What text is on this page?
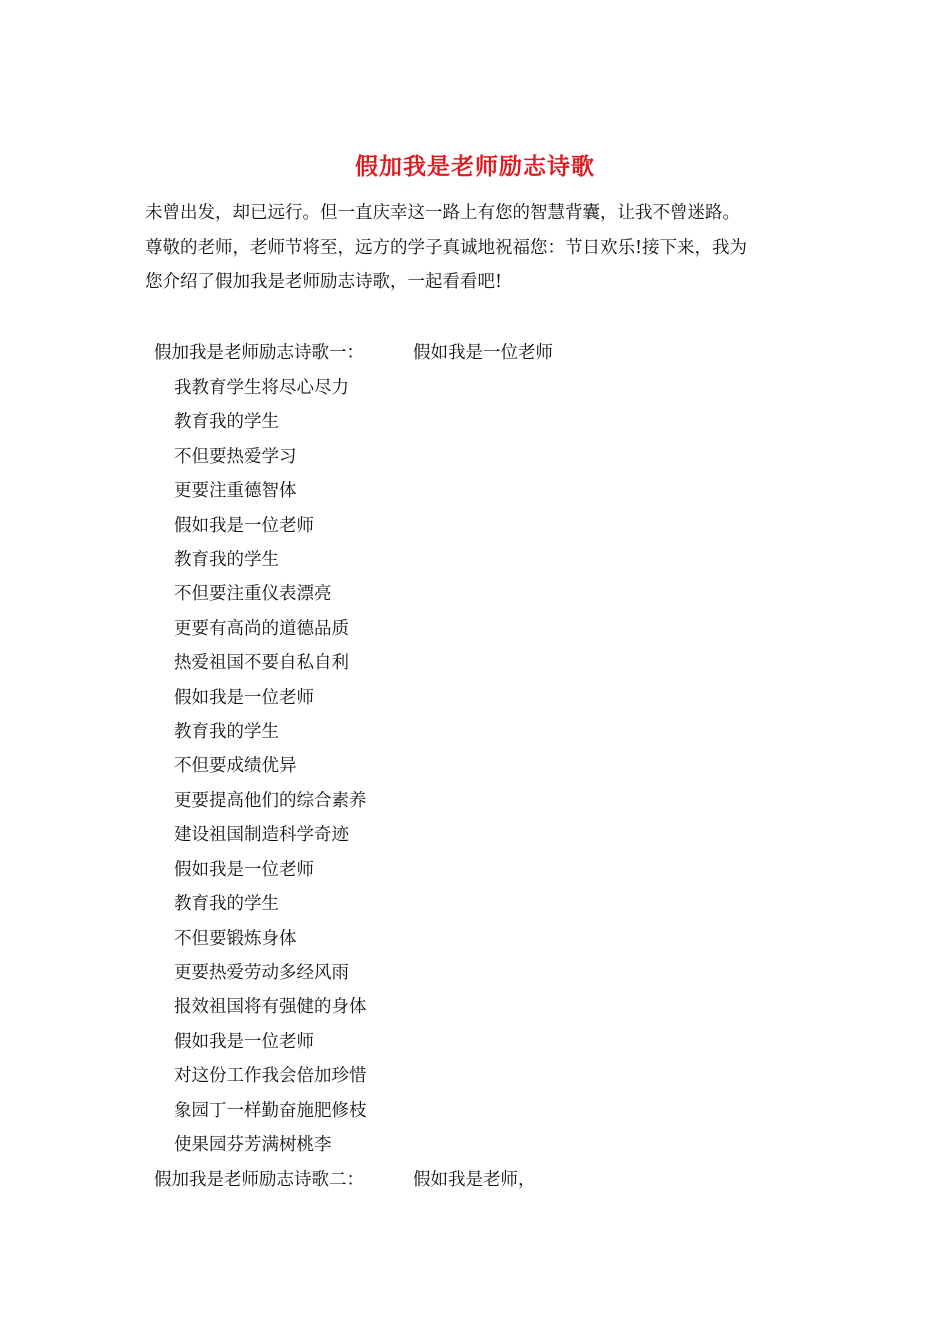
假加我是老师励志诗歌

未曾出发，却已远行。但一直庆幸这一路上有您的智慧背囊，让我不曾迷路。

尊敬的老师，老师节将至，远方的学子真诚地祝福您：节日欢乐!接下来，我为

您介绍了假加我是老师励志诗歌，一起看看吧!

假加我是老师励志诗歌一：	假如我是一位老师
我教育学生将尽心尽力
教育我的学生
不但要热爱学习
更要注重德智体
假如我是一位老师
教育我的学生
不但要注重仪表漂亮
更要有高尚的道德品质
热爱祖国不要自私自利
假如我是一位老师
教育我的学生
不但要成绩优异
更要提高他们的综合素养
建设祖国制造科学奇迹
假如我是一位老师
教育我的学生
不但要锻炼身体
更要热爱劳动多经风雨
报效祖国将有强健的身体
假如我是一位老师
对这份工作我会倍加珍惜
象园丁一样勤奋施肥修枝
使果园芬芳满树桃李
假加我是老师励志诗歌二：	假如我是老师，
